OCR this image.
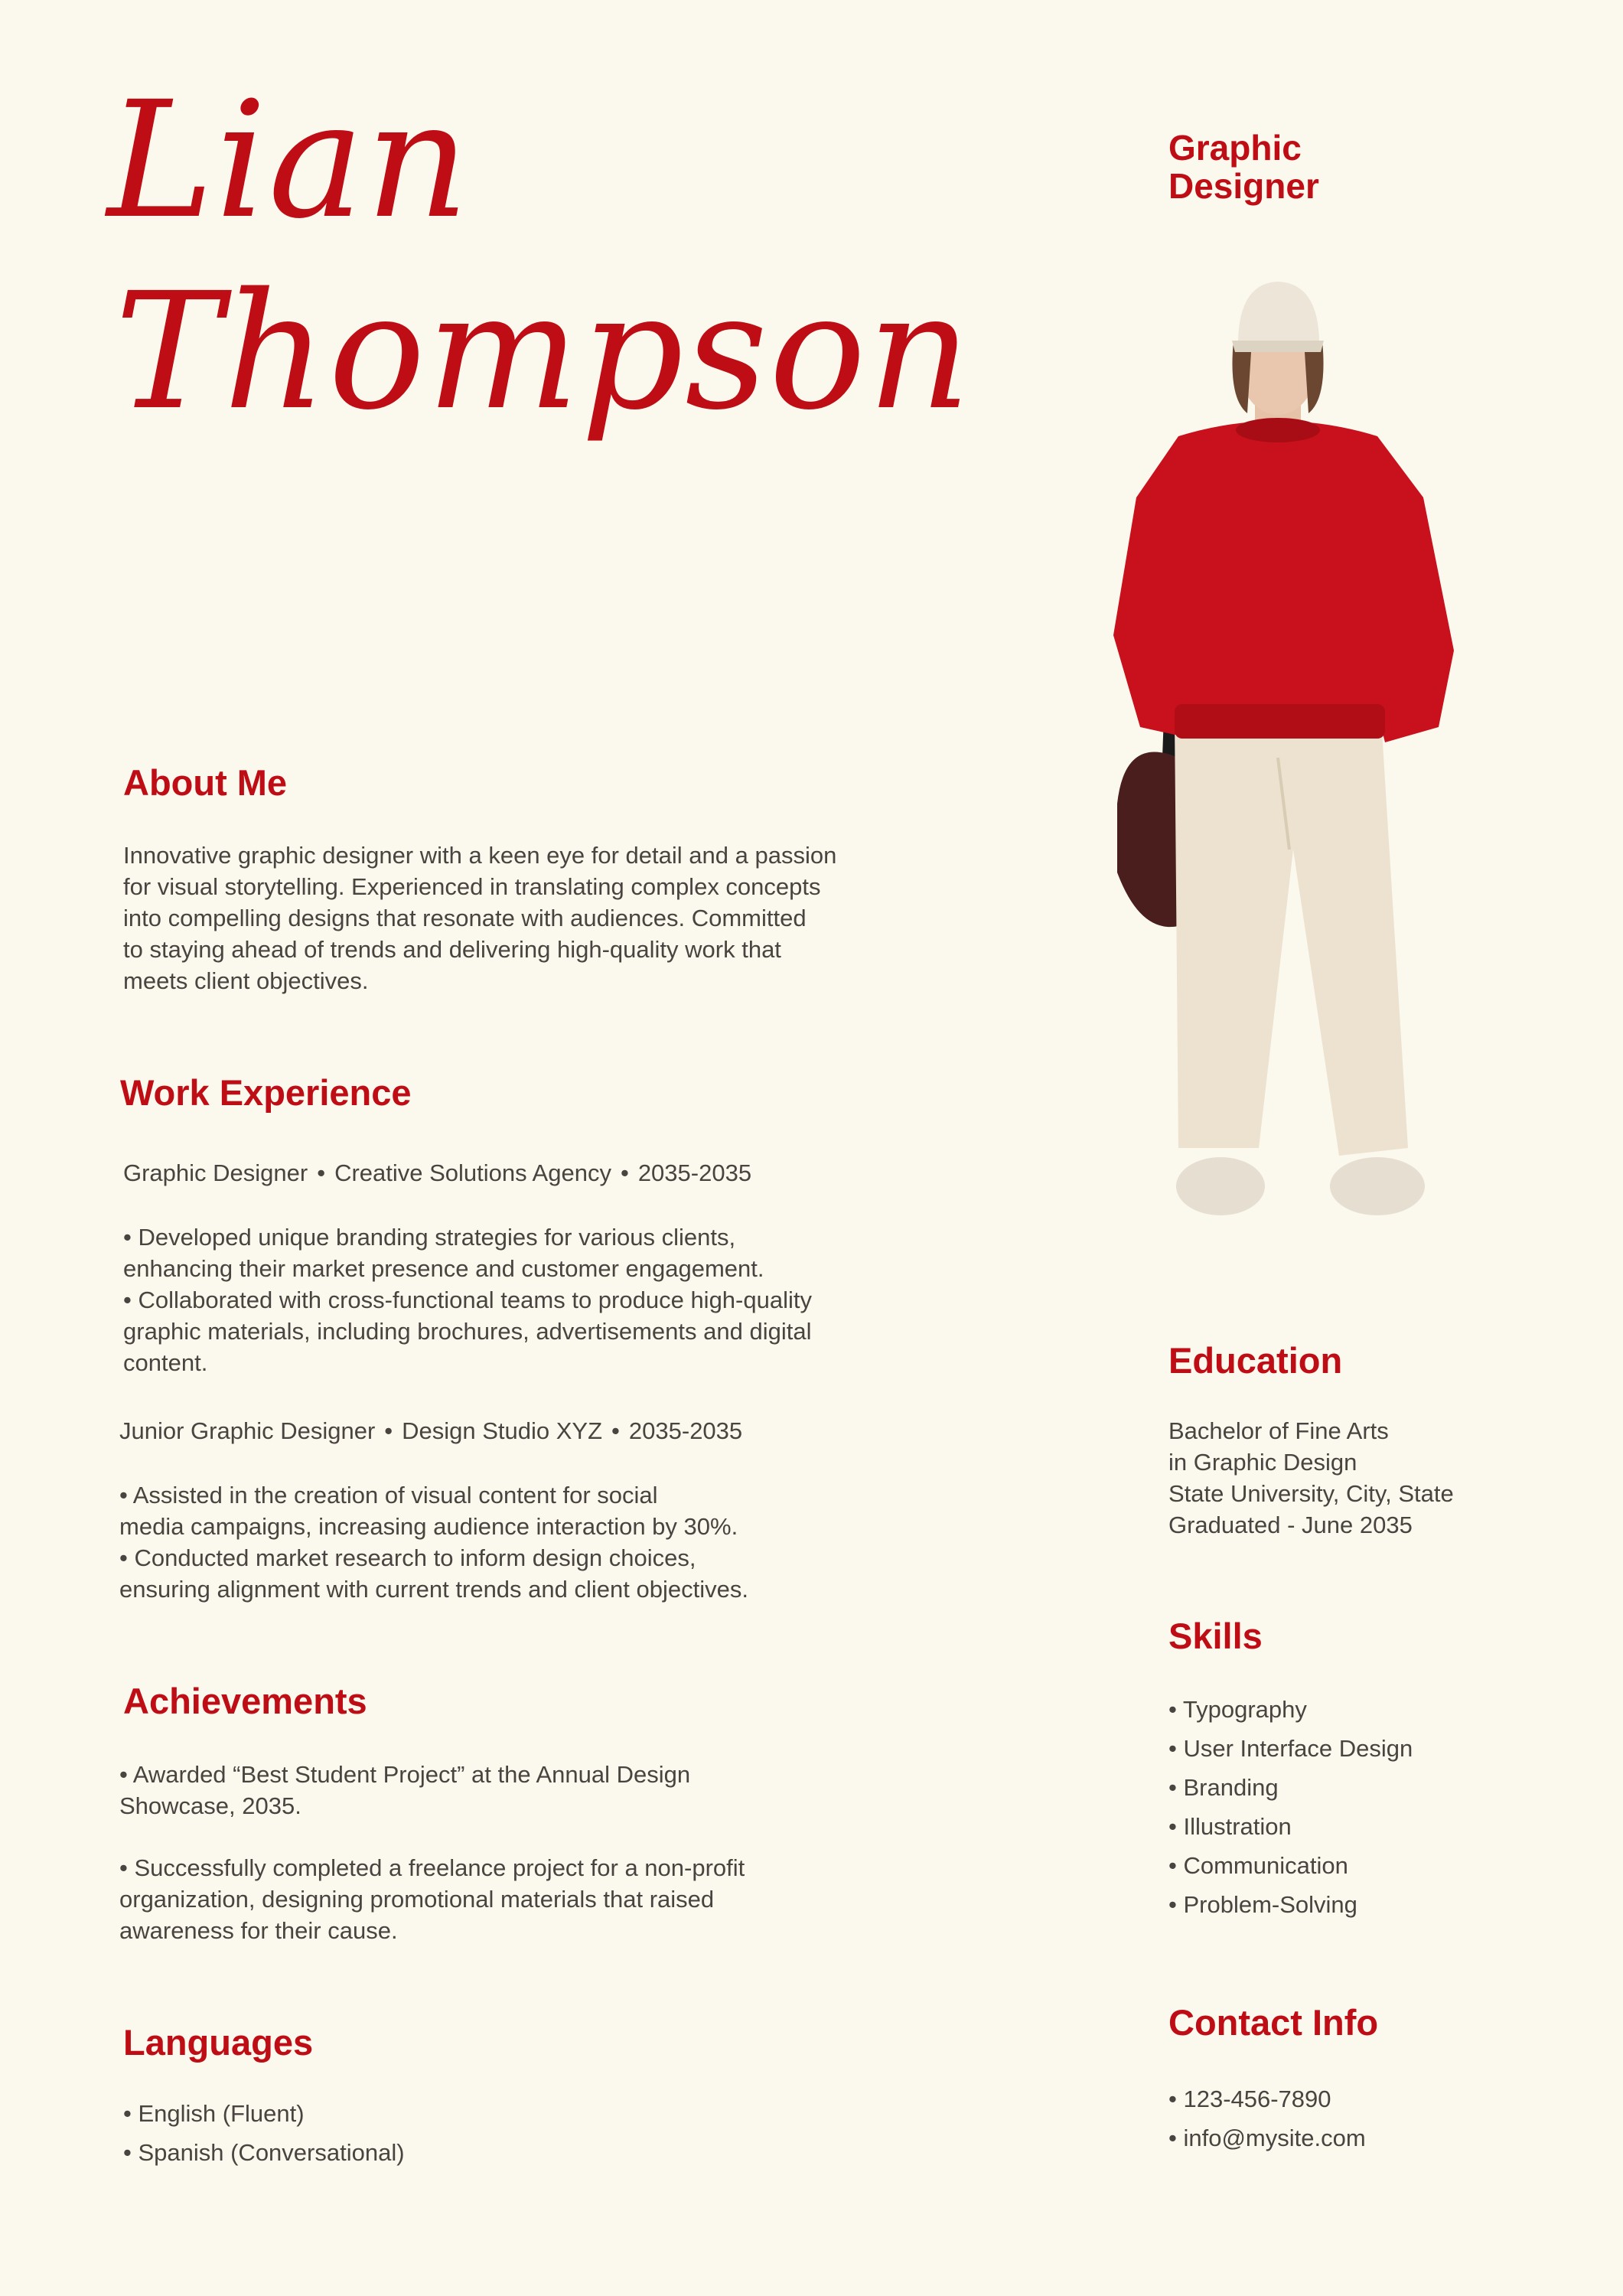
Lian
Thompson
Graphic
Designer
About Me

Innovative graphic designer with a keen eye for detail and a passion

for visual storytelling. Experienced in translating complex concepts

into compelling designs that resonate with audiences. Committed

to staying ahead of trends and delivering high-quality work that

meets client objectives.

Work Experience
Graphic Designer • Creative Solutions Agency • 2035-2035

• Developed unique branding strategies for various clients,

enhancing their market presence and customer engagement.

• Collaborated with cross-functional teams to produce high-quality

graphic materials, including brochures, advertisements and digital

content.

Junior Graphic Designer • Design Studio XYZ • 2035-2035

• Assisted in the creation of visual content for social

media campaigns, increasing audience interaction by 30%.

• Conducted market research to inform design choices,

ensuring alignment with current trends and client objectives.

Achievements

• Awarded “Best Student Project” at the Annual Design

Showcase, 2035.

• Successfully completed a freelance project for a non-profit

organization, designing promotional materials that raised

awareness for their cause.

Languages
• English (Fluent)
• Spanish (Conversational)
Education

Bachelor of Fine Arts

in Graphic Design

State University, City, State

Graduated - June 2035

Skills
• Typography
• User Interface Design
• Branding
• Illustration
• Communication
• Problem-Solving
Contact Info
• 123-456-7890
• info@mysite.com
